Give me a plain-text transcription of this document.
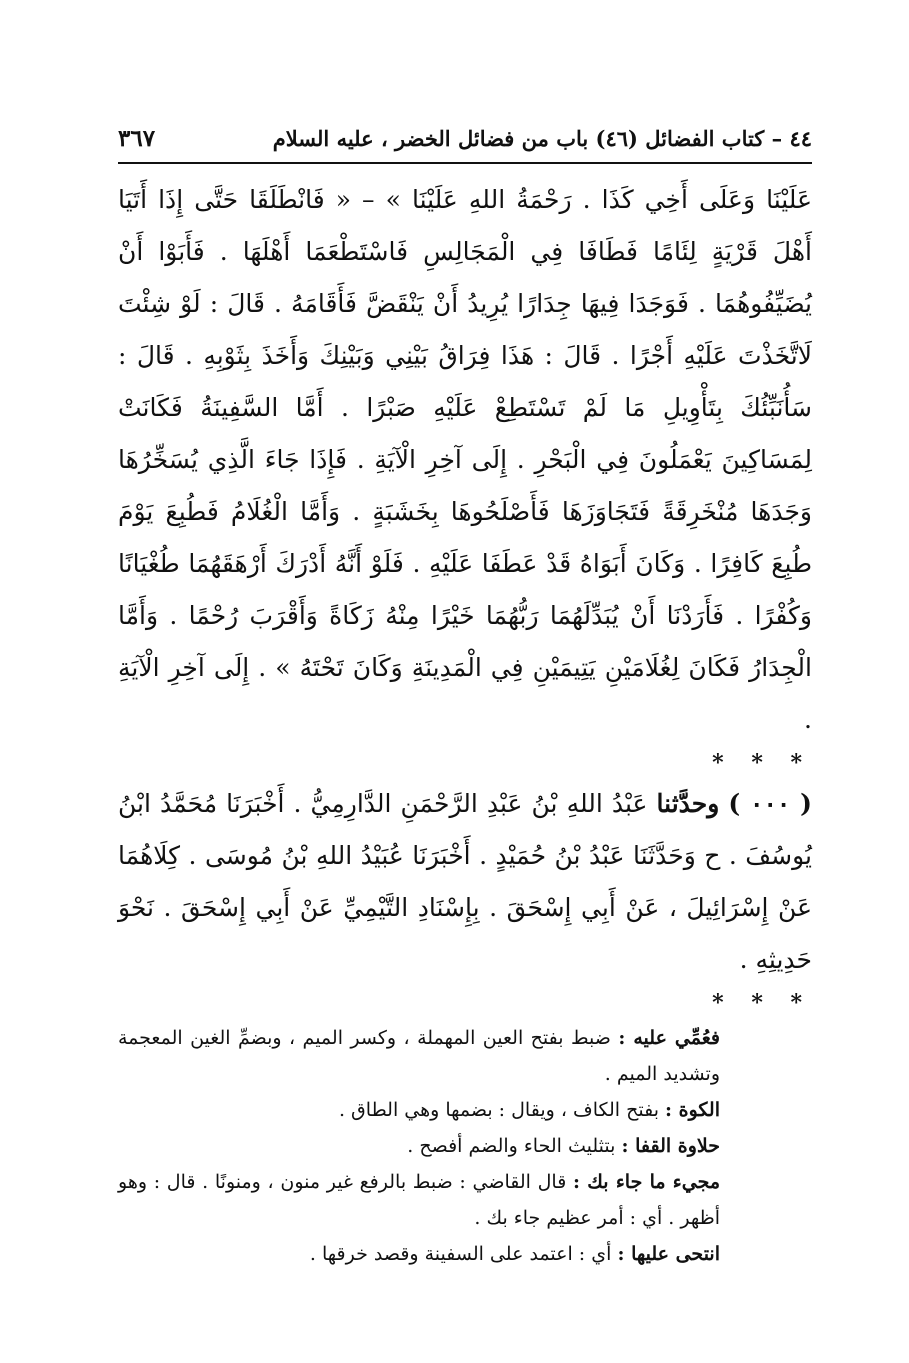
٤٤ – كتاب الفضائل (٤٦) باب من فضائل الخضر ، عليه السلام
٣٦٧

عَلَيْنَا وَعَلَى أَخِي كَذَا . رَحْمَةُ اللهِ عَلَيْنَا » – « فَانْطَلَقَا حَتَّى إِذَا أَتَيَا أَهْلَ قَرْيَةٍ لِئَامًا فَطَافَا فِي الْمَجَالِسِ فَاسْتَطْعَمَا أَهْلَهَا . فَأَبَوْا أَنْ يُضَيِّفُوهُمَا . فَوَجَدَا فِيهَا جِدَارًا يُرِيدُ أَنْ يَنْقَضَّ فَأَقَامَهُ . قَالَ : لَوْ شِئْتَ لَاتَّخَذْتَ عَلَيْهِ أَجْرًا . قَالَ : هَذَا فِرَاقُ بَيْنِي وَبَيْنِكَ وَأَخَذَ بِثَوْبِهِ . قَالَ : سَأُنَبِّئُكَ بِتَأْوِيلِ مَا لَمْ تَسْتَطِعْ عَلَيْهِ صَبْرًا . أَمَّا السَّفِينَةُ فَكَانَتْ لِمَسَاكِينَ يَعْمَلُونَ فِي الْبَحْرِ . إِلَى آخِرِ الْآيَةِ . فَإِذَا جَاءَ الَّذِي يُسَخِّرُهَا وَجَدَهَا مُنْخَرِقَةً فَتَجَاوَزَهَا فَأَصْلَحُوهَا بِخَشَبَةٍ . وَأَمَّا الْغُلَامُ فَطُبِعَ يَوْمَ طُبِعَ كَافِرًا . وَكَانَ أَبَوَاهُ قَدْ عَطَفَا عَلَيْهِ . فَلَوْ أَنَّهُ أَدْرَكَ أَرْهَقَهُمَا طُغْيَانًا وَكُفْرًا . فَأَرَدْنَا أَنْ يُبَدِّلَهُمَا رَبُّهُمَا خَيْرًا مِنْهُ زَكَاةً وَأَقْرَبَ رُحْمًا . وَأَمَّا الْجِدَارُ فَكَانَ لِغُلَامَيْنِ يَتِيمَيْنِ فِي الْمَدِينَةِ وَكَانَ تَحْتَهُ » . إِلَى آخِرِ الْآيَةِ .

* * *

( ٠٠٠ ) وحدَّثنا عَبْدُ اللهِ بْنُ عَبْدِ الرَّحْمَنِ الدَّارِمِيُّ . أَخْبَرَنَا مُحَمَّدُ ابْنُ يُوسُفَ . ح وَحَدَّثَنَا عَبْدُ بْنُ حُمَيْدٍ . أَخْبَرَنَا عُبَيْدُ اللهِ بْنُ مُوسَى . كِلَاهُمَا عَنْ إِسْرَائِيلَ ، عَنْ أَبِي إِسْحَقَ . بِإِسْنَادِ التَّيْمِيِّ عَنْ أَبِي إِسْحَقَ . نَحْوَ حَدِيثِهِ .

* * *

فعُمِّي عليه : ضبط بفتح العين المهملة ، وكسر الميم ، وبضمِّ الغين المعجمة وتشديد الميم .

الكوة : بفتح الكاف ، ويقال : بضمها وهي الطاق .

حلاوة القفا : بتثليث الحاء والضم أفصح .

مجيء ما جاء بك : قال القاضي : ضبط بالرفع غير منون ، ومنونًا . قال : وهو أظهر . أي : أمر عظيم جاء بك .

انتحى عليها : أي : اعتمد على السفينة وقصد خرقها .
